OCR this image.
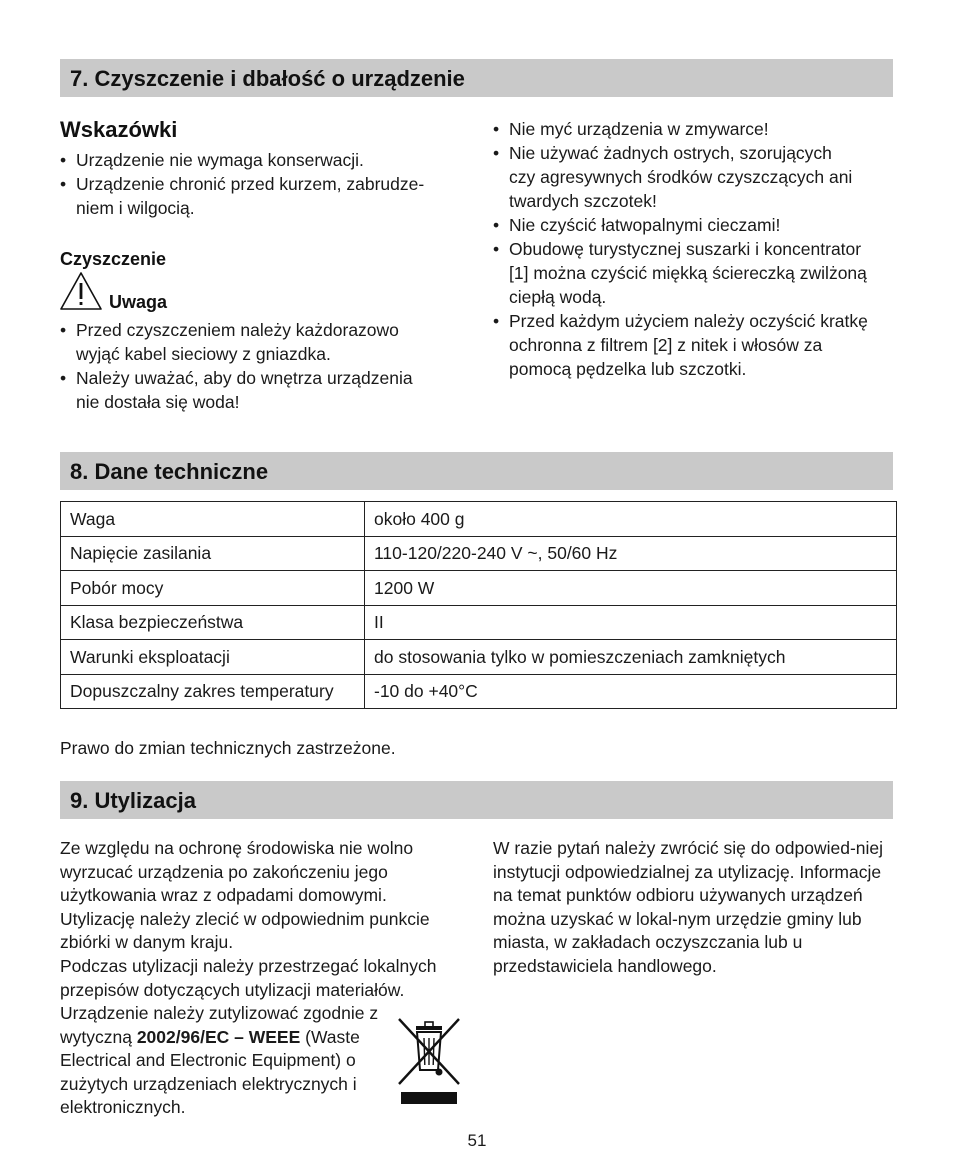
7. Czyszczenie i dbałość o urządzenie
Wskazówki
• Urządzenie nie wymaga konserwacji.
• Urządzenie chronić przed kurzem, zabrudze-
niem i wilgocią.
Czyszczenie
Uwaga
• Przed czyszczeniem należy każdorazowo
wyjąć kabel sieciowy z gniazdka.
• Należy uważać, aby do wnętrza urządzenia
nie dostała się woda!
• Nie myć urządzenia w zmywarce!
• Nie używać żadnych ostrych, szorujących
czy agresywnych środków czyszczących ani
twardych szczotek!
• Nie czyścić łatwopalnymi cieczami!
• Obudowę turystycznej suszarki i koncentrator
[1] można czyścić miękką ściereczką zwilżoną
ciepłą wodą.
• Przed każdym użyciem należy oczyścić kratkę
ochronna z filtrem [2] z nitek i włosów za
pomocą pędzelka lub szczotki.
8. Dane techniczne
Waga	około 400 g
Napięcie zasilania	110-120/220-240 V ~, 50/60 Hz
Pobór mocy	1200 W
Klasa bezpieczeństwa	II
Warunki eksploatacji	do stosowania tylko w pomieszczeniach zamkniętych
Dopuszczalny zakres temperatury	-10 do +40°C
Prawo do zmian technicznych zastrzeżone.
9. Utylizacja

Ze względu na ochronę środowiska nie wolno wyrzucać urządzenia po zakończeniu jego użytkowania wraz z odpadami domowymi. Utylizację należy zlecić w odpowiednim punkcie zbiórki w danym kraju.

Podczas utylizacji należy przestrzegać lokalnych przepisów dotyczących utylizacji materiałów.

Urządzenie należy zutylizować zgodnie z wytyczną 2002/96/EC – WEEE (Waste Electrical and Electronic Equipment) o zużytych urządzeniach elektrycznych i elektronicznych.

W razie pytań należy zwrócić się do odpowied-niej instytucji odpowiedzialnej za utylizację. Informacje na temat punktów odbioru używanych urządzeń można uzyskać w lokal-nym urzędzie gminy lub miasta, w zakładach oczyszczania lub u przedstawiciela handlowego.

51
